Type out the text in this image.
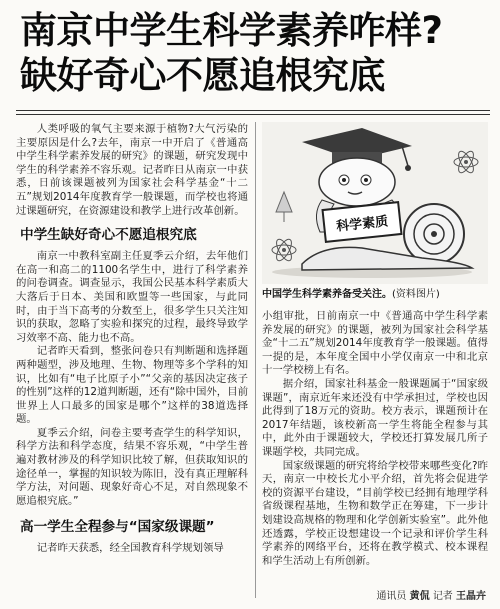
南京中学生科学素养咋样?
缺好奇心不愿追根究底

人类呼吸的氧气主要来源于植物?大气污染的主要原因是什么?去年，南京一中开启了《普通高中学生科学素养发展的研究》的课题，研究发现中学生的科学素养不容乐观。记者昨日从南京一中获悉，日前该课题被列为国家社会科学基金“十二五”规划2014年度教育学一般课题，而学校也将通过课题研究，在资源建设和教学上进行改革创新。

中学生缺好奇心不愿追根究底

南京一中教科室副主任夏季云介绍，去年他们在高一和高二的1100名学生中，进行了科学素养的问卷调查。调查显示，我国公民基本科学素质大大落后于日本、美国和欧盟等一些国家，与此同时，由于当下高考的分数至上，很多学生只关注知识的获取，忽略了实验和探究的过程，最终导致学习效率不高、能力也不高。

记者昨天看到，整张问卷只有判断题和选择题两种题型，涉及地理、生物、物理等多个学科的知识，比如有“电子比原子小”“父亲的基因决定孩子的性别”这样的12道判断题，还有“除中国外，目前世界上人口最多的国家是哪个”这样的38道选择题。

夏季云介绍，问卷主要考查学生的科学知识，科学方法和科学态度，结果不容乐观，“中学生普遍对教材涉及的科学知识比较了解，但获取知识的途径单一，掌握的知识较为陈旧，没有真正理解科学方法，对问题、现象好奇心不足，对自然现象不愿追根究底。”

高一学生全程参与“国家级课题”

记者昨天获悉，经全国教育科学规划领导

科学素质
中国学生科学素养备受关注。(资料图片)

小组审批，日前南京一中《普通高中学生科学素养发展的研究》的课题，被列为国家社会科学基金“十二五”规划2014年度教育学一般课题。值得一提的是，本年度全国中小学仅南京一中和北京十一学校榜上有名。

据介绍，国家社科基金一般课题属于“国家级课题”，南京近年来还没有中学承担过，学校也因此得到了18万元的资助。校方表示，课题预计在2017年结题，该校新高一学生将能全程参与其中，此外由于课题较大，学校还打算发展几所子课题学校，共同完成。

国家级课题的研究将给学校带来哪些变化?昨天，南京一中校长尤小平介绍，首先将会促进学校的资源平台建设，“目前学校已经拥有地理学科省级课程基地，生物和数学正在筹建，下一步计划建设高规格的物理和化学创新实验室”。此外他还透露，学校正设想建设一个记录和评价学生科学素养的网络平台，还将在教学模式、校本课程和学生活动上有所创新。

通讯员 黄侃 记者 王晶卉
